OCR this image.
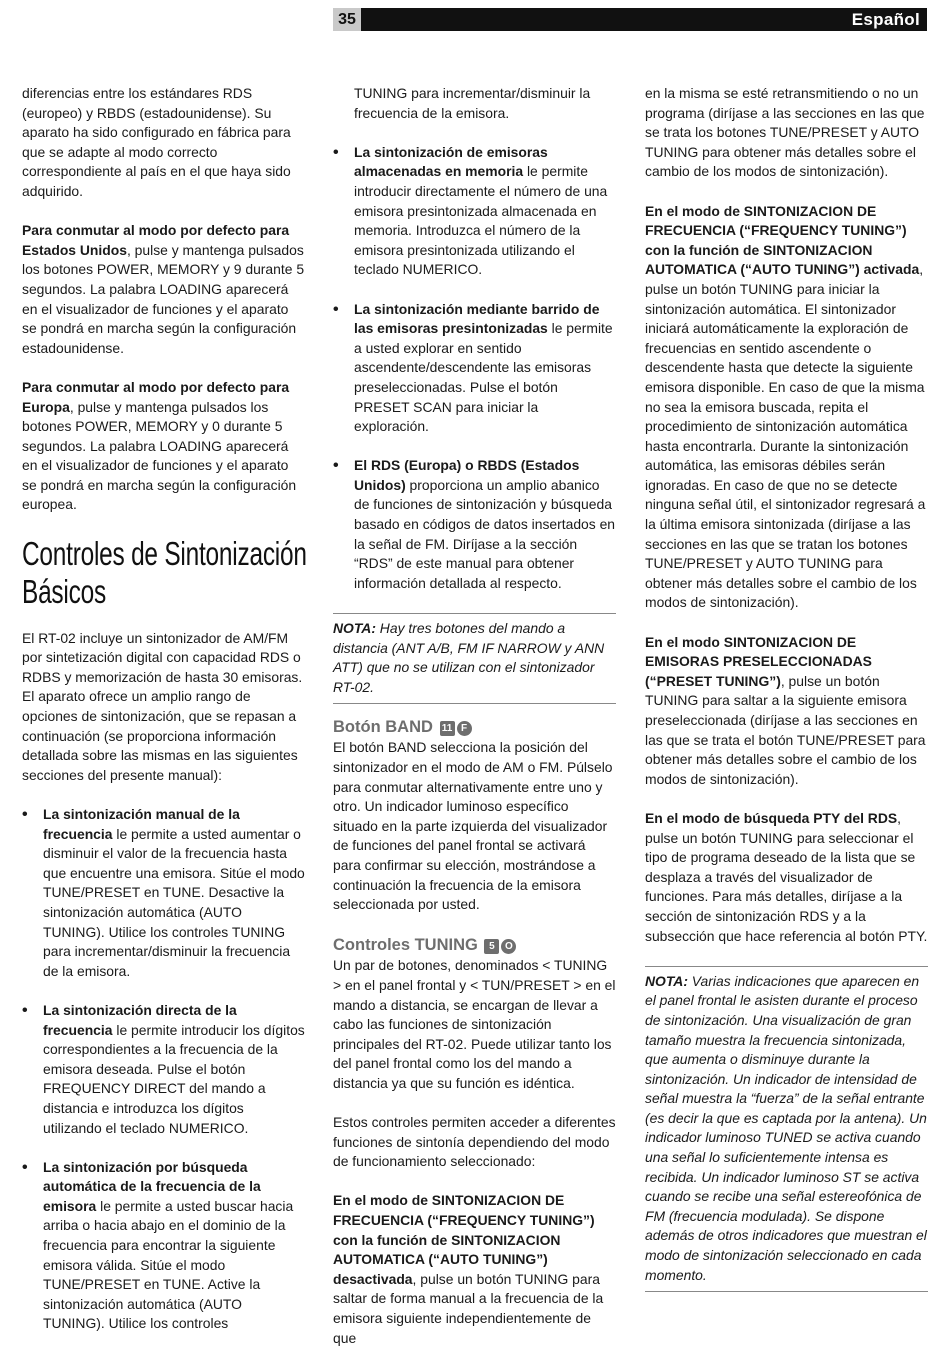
35	Español

diferencias entre los estándares RDS (europeo) y RBDS (estadounidense). Su aparato ha sido configurado en fábrica para que se adapte al modo correcto correspondiente al país en el que haya sido adquirido.

Para conmutar al modo por defecto para Estados Unidos, pulse y mantenga pulsados los botones POWER, MEMORY y 9 durante 5 segundos. La palabra LOADING aparecerá en el visualizador de funciones y el aparato se pondrá en marcha según la configuración estadounidense.

Para conmutar al modo por defecto para Europa, pulse y mantenga pulsados los botones POWER, MEMORY y 0 durante 5 segundos. La palabra LOADING aparecerá en el visualizador de funciones y el aparato se pondrá en marcha según la configuración europea.

Controles de Sintonización
Básicos

El RT-02 incluye un sintonizador de AM/FM por sintetización digital con capacidad RDS o RDBS y memorización de hasta 30 emisoras. El aparato ofrece un amplio rango de opciones de sintonización, que se repasan a continuación (se proporciona información detallada sobre las mismas en las siguientes secciones del presente manual):

• La sintonización manual de la frecuencia le permite a usted aumentar o disminuir el valor de la frecuencia hasta que encuentre una emisora. Sitúe el modo TUNE/PRESET en TUNE. Desactive la sintonización automática (AUTO TUNING). Utilice los controles TUNING para incrementar/disminuir la frecuencia de la emisora.
• La sintonización directa de la frecuencia le permite introducir los dígitos correspondientes a la frecuencia de la emisora deseada. Pulse el botón FREQUENCY DIRECT del mando a distancia e introduzca los dígitos utilizando el teclado NUMERICO.
• La sintonización por búsqueda automática de la frecuencia de la emisora le permite a usted buscar hacia arriba o hacia abajo en el dominio de la frecuencia para encontrar la siguiente emisora válida. Sitúe el modo TUNE/PRESET en TUNE. Active la sintonización automática (AUTO TUNING). Utilice los controles

TUNING para incrementar/disminuir la frecuencia de la emisora.

• La sintonización de emisoras almacenadas en memoria le permite introducir directamente el número de una emisora presintonizada almacenada en memoria. Introduzca el número de la emisora presintonizada utilizando el teclado NUMERICO.
• La sintonización mediante barrido de las emisoras presintonizadas le permite a usted explorar en sentido ascendente/descendente las emisoras preseleccionadas. Pulse el botón PRESET SCAN para iniciar la exploración.
• El RDS (Europa) o RBDS (Estados Unidos) proporciona un amplio abanico de funciones de sintonización y búsqueda basado en códigos de datos insertados en la señal de FM. Diríjase a la sección “RDS” de este manual para obtener información detallada al respecto.
NOTA: Hay tres botones del mando a distancia (ANT A/B, FM IF NARROW y ANN ATT) que no se utilizan con el sintonizador RT-02.
Botón BAND 11 F

El botón BAND selecciona la posición del sintonizador en el modo de AM o FM. Púlselo para conmutar alternativamente entre uno y otro. Un indicador luminoso específico situado en la parte izquierda del visualizador de funciones del panel frontal se activará para confirmar su elección, mostrándose a continuación la frecuencia de la emisora seleccionada por usted.

Controles TUNING 5 O

Un par de botones, denominados < TUNING > en el panel frontal y < TUN/PRESET > en el mando a distancia, se encargan de llevar a cabo las funciones de sintonización principales del RT-02. Puede utilizar tanto los del panel frontal como los del mando a distancia ya que su función es idéntica.

Estos controles permiten acceder a diferentes funciones de sintonía dependiendo del modo de funcionamiento seleccionado:

En el modo de SINTONIZACION DE FRECUENCIA (“FREQUENCY TUNING”) con la función de SINTONIZACION AUTOMATICA (“AUTO TUNING”) desactivada, pulse un botón TUNING para saltar de forma manual a la frecuencia de la emisora siguiente independientemente de que

en la misma se esté retransmitiendo o no un programa (diríjase a las secciones en las que se trata los botones TUNE/PRESET y AUTO TUNING para obtener más detalles sobre el cambio de los modos de sintonización).

En el modo de SINTONIZACION DE FRECUENCIA (“FREQUENCY TUNING”) con la función de SINTONIZACION AUTOMATICA (“AUTO TUNING”) activada, pulse un botón TUNING para iniciar la sintonización automática. El sintonizador iniciará automáticamente la exploración de frecuencias en sentido ascendente o descendente hasta que detecte la siguiente emisora disponible. En caso de que la misma no sea la emisora buscada, repita el procedimiento de sintonización automática hasta encontrarla. Durante la sintonización automática, las emisoras débiles serán ignoradas. En caso de que no se detecte ninguna señal útil, el sintonizador regresará a la última emisora sintonizada (diríjase a las secciones en las que se tratan los botones TUNE/PRESET y AUTO TUNING para obtener más detalles sobre el cambio de los modos de sintonización).

En el modo SINTONIZACION DE EMISORAS PRESELECCIONADAS (“PRESET TUNING”), pulse un botón TUNING para saltar a la siguiente emisora preseleccionada (diríjase a las secciones en las que se trata el botón TUNE/PRESET para obtener más detalles sobre el cambio de los modos de sintonización).

En el modo de búsqueda PTY del RDS, pulse un botón TUNING para seleccionar el tipo de programa deseado de la lista que se desplaza a través del visualizador de funciones. Para más detalles, diríjase a la sección de sintonización RDS y a la subsección que hace referencia al botón PTY.

NOTA: Varias indicaciones que aparecen en el panel frontal le asisten durante el proceso de sintonización. Una visualización de gran tamaño muestra la frecuencia sintonizada, que aumenta o disminuye durante la sintonización. Un indicador de intensidad de señal muestra la “fuerza” de la señal entrante (es decir la que es captada por la antena). Un indicador luminoso TUNED se activa cuando una señal lo suficientemente intensa es recibida. Un indicador luminoso ST se activa cuando se recibe una señal estereofónica de FM (frecuencia modulada). Se dispone además de otros indicadores que muestran el modo de sintonización seleccionado en cada momento.
